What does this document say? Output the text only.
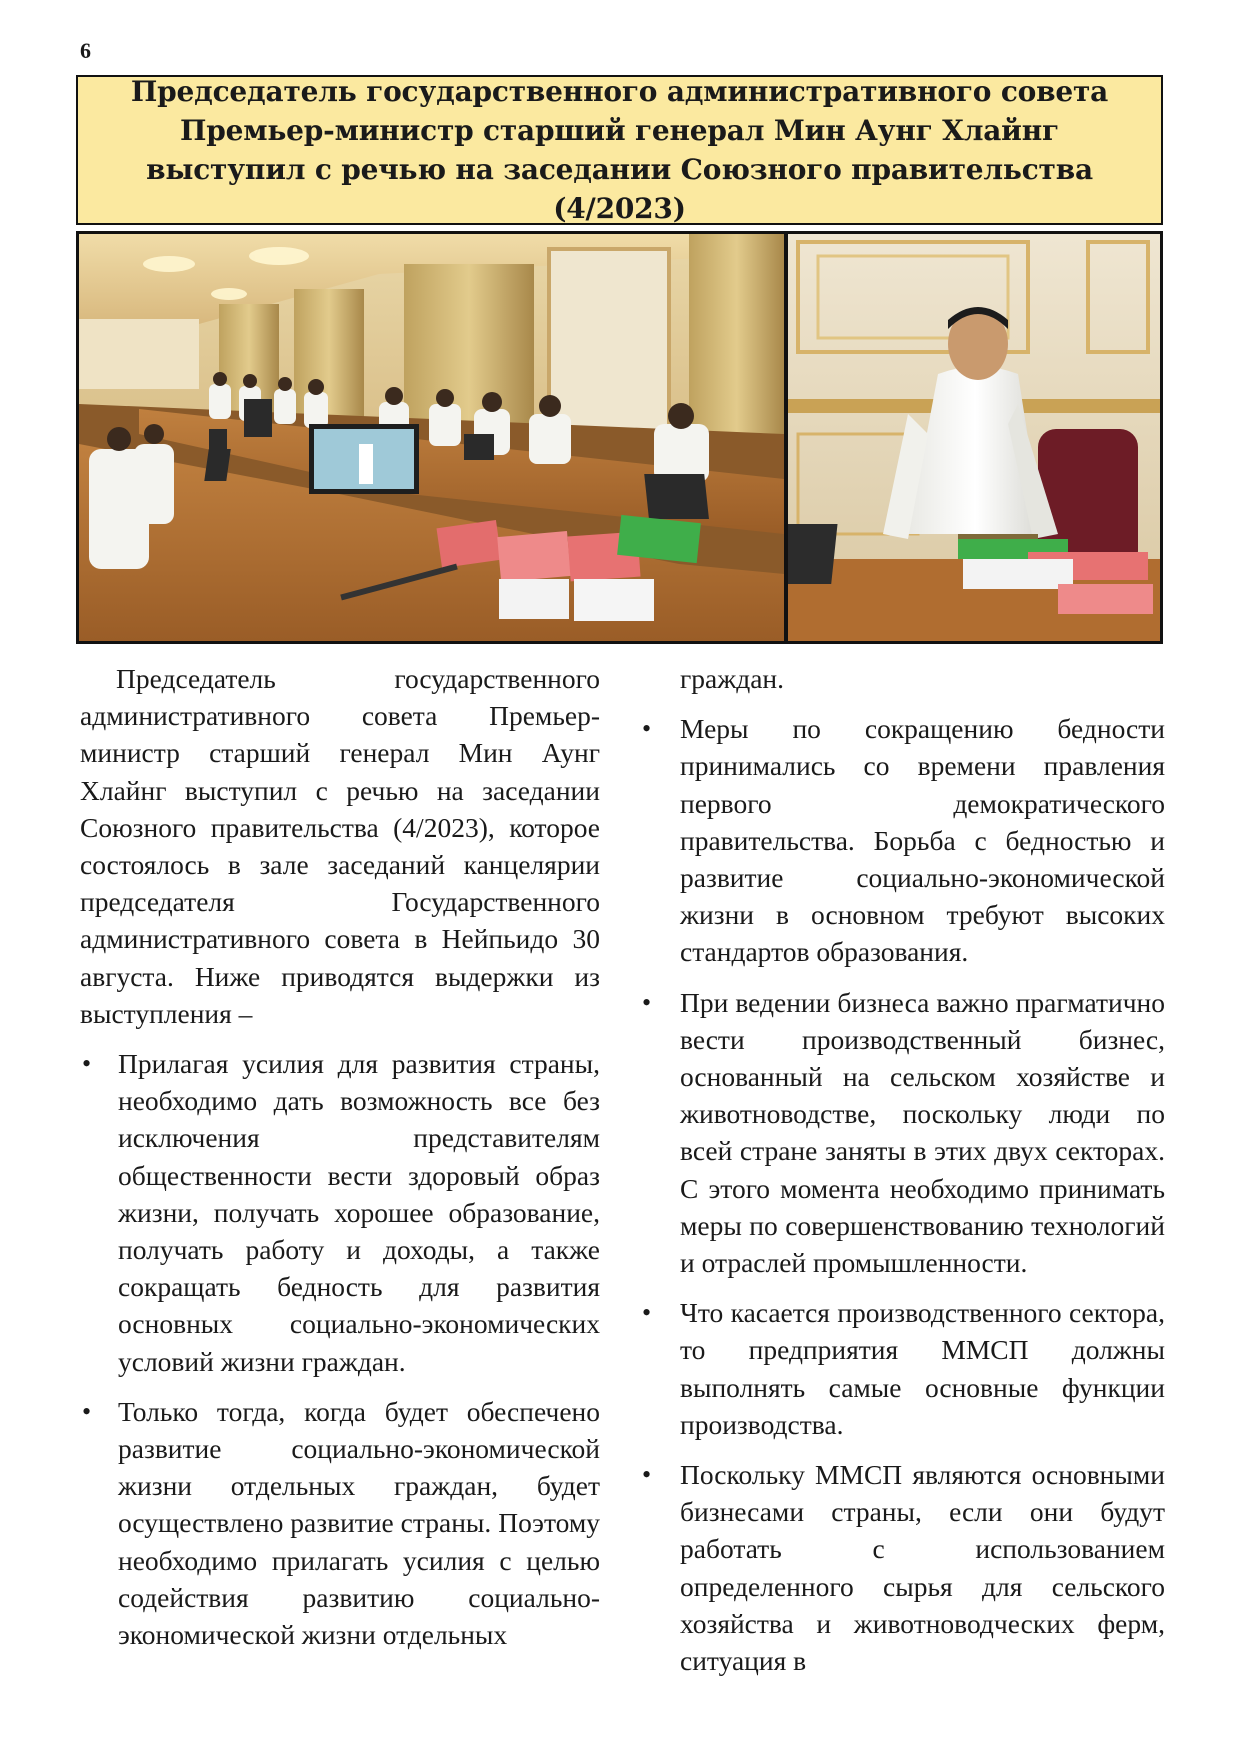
6
Председатель государственного административного совета Премьер-министр старший генерал Мин Аунг Хлайнг выступил с речью на заседании Союзного правительства (4/2023)

Председатель государственного административного совета Премьер-министр старший генерал Мин Аунг Хлайнг выступил с речью на заседании Союзного правительства (4/2023), которое состоялось в зале заседаний канцелярии председателя Государственного административного совета в Нейпьидо 30 августа. Ниже приводятся выдержки из выступления –

• Прилагая усилия для развития страны, необходимо дать возможность все без исключения представителям общественности вести здоровый образ жизни, получать хорошее образование, получать работу и доходы, а также сокращать бедность для развития основных социально-экономических условий жизни граждан.
• Только тогда, когда будет обеспечено развитие социально-экономической жизни отдельных граждан, будет осуществлено развитие страны. Поэтому необходимо прилагать усилия с целью содействия развитию социально-экономической жизни отдельных

граждан.

• Меры по сокращению бедности принимались со времени правления первого демократического правительства. Борьба с бедностью и развитие социально-экономической жизни в основном требуют высоких стандартов образования.
• При ведении бизнеса важно прагматично вести производственный бизнес, основанный на сельском хозяйстве и животноводстве, поскольку люди по всей стране заняты в этих двух секторах. С этого момента необходимо принимать меры по совершенствованию технологий и отраслей промышленности.
• Что касается производственного сектора, то предприятия ММСП должны выполнять самые основные функции производства.
• Поскольку ММСП являются основными бизнесами страны, если они будут работать с использованием определенного сырья для сельского хозяйства и животноводческих ферм, ситуация в
